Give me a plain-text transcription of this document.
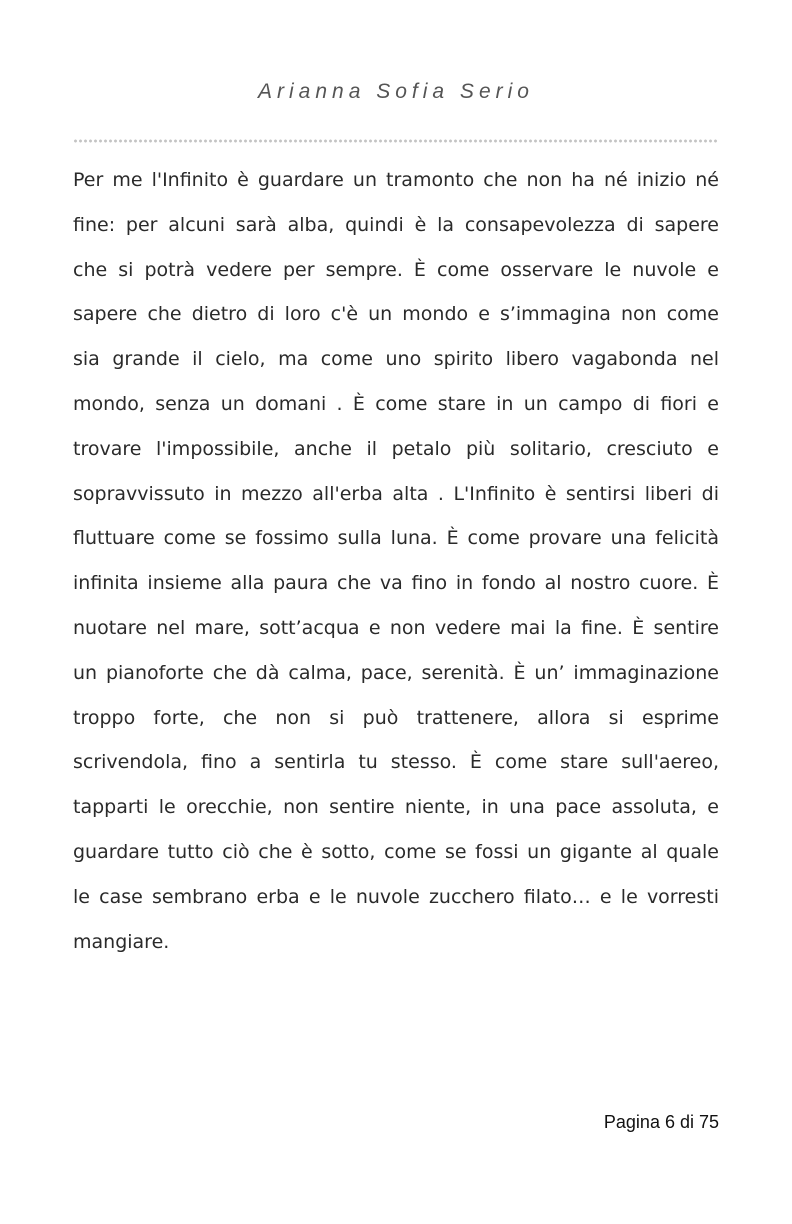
Arianna Sofia Serio

Per me l'Infinito è guardare un tramonto che non ha né inizio né fine: per alcuni sarà alba, quindi è la consapevolezza di sapere che si potrà vedere per sempre. È come osservare le nuvole e sapere che dietro di loro c'è un mondo e s’immagina non come sia grande il cielo, ma come uno spirito libero vagabonda nel mondo, senza un domani . È come stare in un campo di fiori e trovare l'impossibile, anche il petalo più solitario, cresciuto e sopravvissuto in mezzo all'erba alta . L'Infinito è sentirsi liberi di fluttuare come se fossimo sulla luna. È come provare una felicità infinita insieme alla paura che va fino in fondo al nostro cuore. È nuotare nel mare, sott’acqua e non vedere mai la fine. È sentire un pianoforte che dà calma, pace, serenità. È un’ immaginazione troppo forte, che non si può trattenere, allora si esprime scrivendola, fino a sentirla tu stesso. È come stare sull'aereo, tapparti le orecchie, non sentire niente, in una pace assoluta, e guardare tutto ciò che è sotto, come se fossi un gigante al quale le case sembrano erba e le nuvole zucchero filato… e le vorresti mangiare.

Pagina 6 di 75
